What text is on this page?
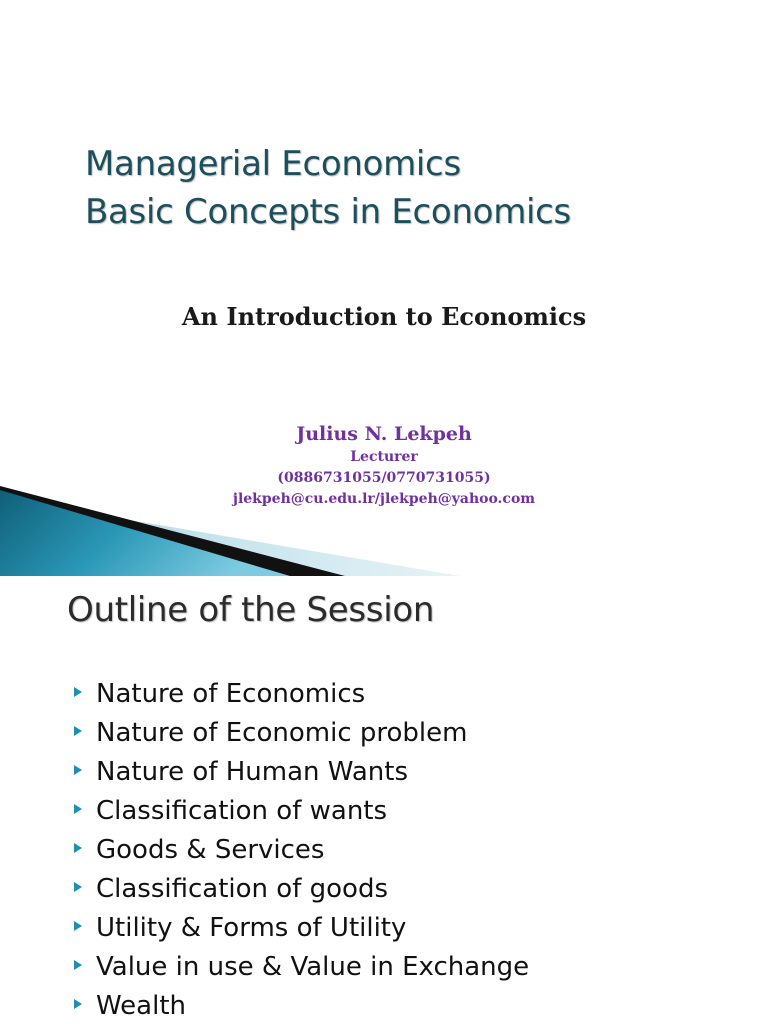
Managerial Economics
Basic Concepts in Economics

An Introduction to Economics

Julius N. Lekpeh
Lecturer
(0886731055/0770731055)
jlekpeh@cu.edu.lr/jlekpeh@yahoo.com
Outline of the Session
Nature of Economics
Nature of Economic problem
Nature of Human Wants
Classification of wants
Goods & Services
Classification of goods
Utility & Forms of Utility
Value in use & Value in Exchange
Wealth
